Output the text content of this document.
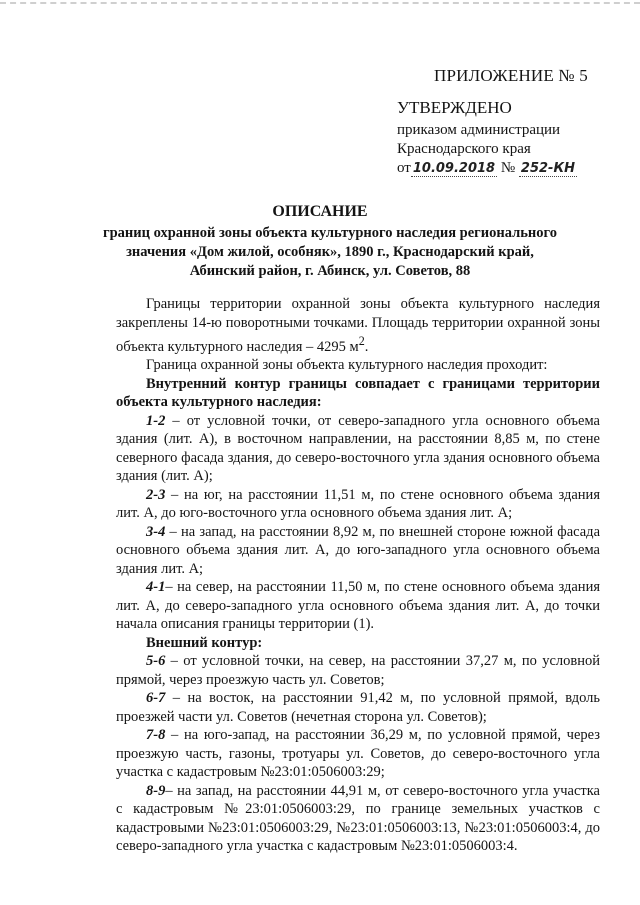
ПРИЛОЖЕНИЕ № 5
УТВЕРЖДЕНО
приказом администрации
Краснодарского края
от 10.09.2018 № 252-КН
ОПИСАНИЕ
границ охранной зоны объекта культурного наследия регионального значения «Дом жилой, особняк», 1890 г., Краснодарский край, Абинский район, г. Абинск, ул. Советов, 88

Границы территории охранной зоны объекта культурного наследия закреплены 14-ю поворотными точками. Площадь территории охранной зоны объекта культурного наследия – 4295 $м^2$.

Граница охранной зоны объекта культурного наследия проходит:

Внутренний контур границы совпадает с границами территории объекта культурного наследия:

1-2 – от условной точки, от северо-западного угла основного объема здания (лит. А), в восточном направлении, на расстоянии 8,85 м, по стене северного фасада здания, до северо-восточного угла здания основного объема здания (лит. А);

2-3 – на юг, на расстоянии 11,51 м, по стене основного объема здания лит. А, до юго-восточного угла основного объема здания лит. А;

3-4 – на запад, на расстоянии 8,92 м, по внешней стороне южной фасада основного объема здания лит. А, до юго-западного угла основного объема здания лит. А;

4-1– на север, на расстоянии 11,50 м, по стене основного объема здания лит. А, до северо-западного угла основного объема здания лит. А, до точки начала описания границы территории (1).

Внешний контур:

5-6 – от условной точки, на север, на расстоянии 37,27 м, по условной прямой, через проезжую часть ул. Советов;

6-7 – на восток, на расстоянии 91,42 м, по условной прямой, вдоль проезжей части ул. Советов (нечетная сторона ул. Советов);

7-8 – на юго-запад, на расстоянии 36,29 м, по условной прямой, через проезжую часть, газоны, тротуары ул. Советов, до северо-восточного угла участка с кадастровым №23:01:0506003:29;

8-9– на запад, на расстоянии 44,91 м, от северо-восточного угла участка с кадастровым №23:01:0506003:29, по границе земельных участков с кадастровыми №23:01:0506003:29, №23:01:0506003:13, №23:01:0506003:4, до северо-западного угла участка с кадастровым №23:01:0506003:4.
